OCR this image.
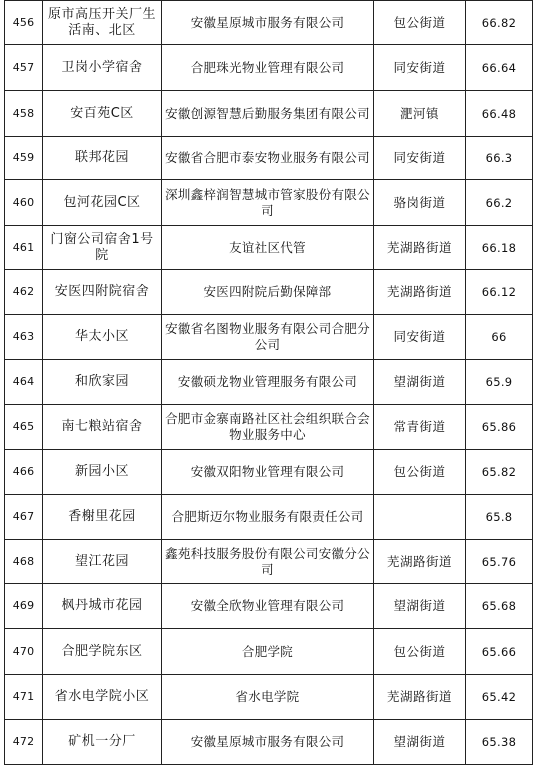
456	原市高压开关厂生活南、北区	安徽星原城市服务有限公司	包公街道	66.82
457	卫岗小学宿舍	合肥珠光物业管理有限公司	同安街道	66.64
458	安百苑C区	安徽创源智慧后勤服务集团有限公司	淝河镇	66.48
459	联邦花园	安徽省合肥市泰安物业服务有限公司	同安街道	66.3
460	包河花园C区	深圳鑫梓润智慧城市管家股份有限公司	骆岗街道	66.2
461	门窗公司宿舍1号院	友谊社区代管	芜湖路街道	66.18
462	安医四附院宿舍	安医四附院后勤保障部	芜湖路街道	66.12
463	华太小区	安徽省名图物业服务有限公司合肥分公司	同安街道	66
464	和欣家园	安徽硕龙物业管理服务有限公司	望湖街道	65.9
465	南七粮站宿舍	合肥市金寨南路社区社会组织联合会物业服务中心	常青街道	65.86
466	新园小区	安徽双阳物业管理有限公司	包公街道	65.82
467	香榭里花园	合肥斯迈尔物业服务有限责任公司		65.8
468	望江花园	鑫苑科技服务股份有限公司安徽分公司	芜湖路街道	65.76
469	枫丹城市花园	安徽全欣物业管理有限公司	望湖街道	65.68
470	合肥学院东区	合肥学院	包公街道	65.66
471	省水电学院小区	省水电学院	芜湖路街道	65.42
472	矿机一分厂	安徽星原城市服务有限公司	望湖街道	65.38
